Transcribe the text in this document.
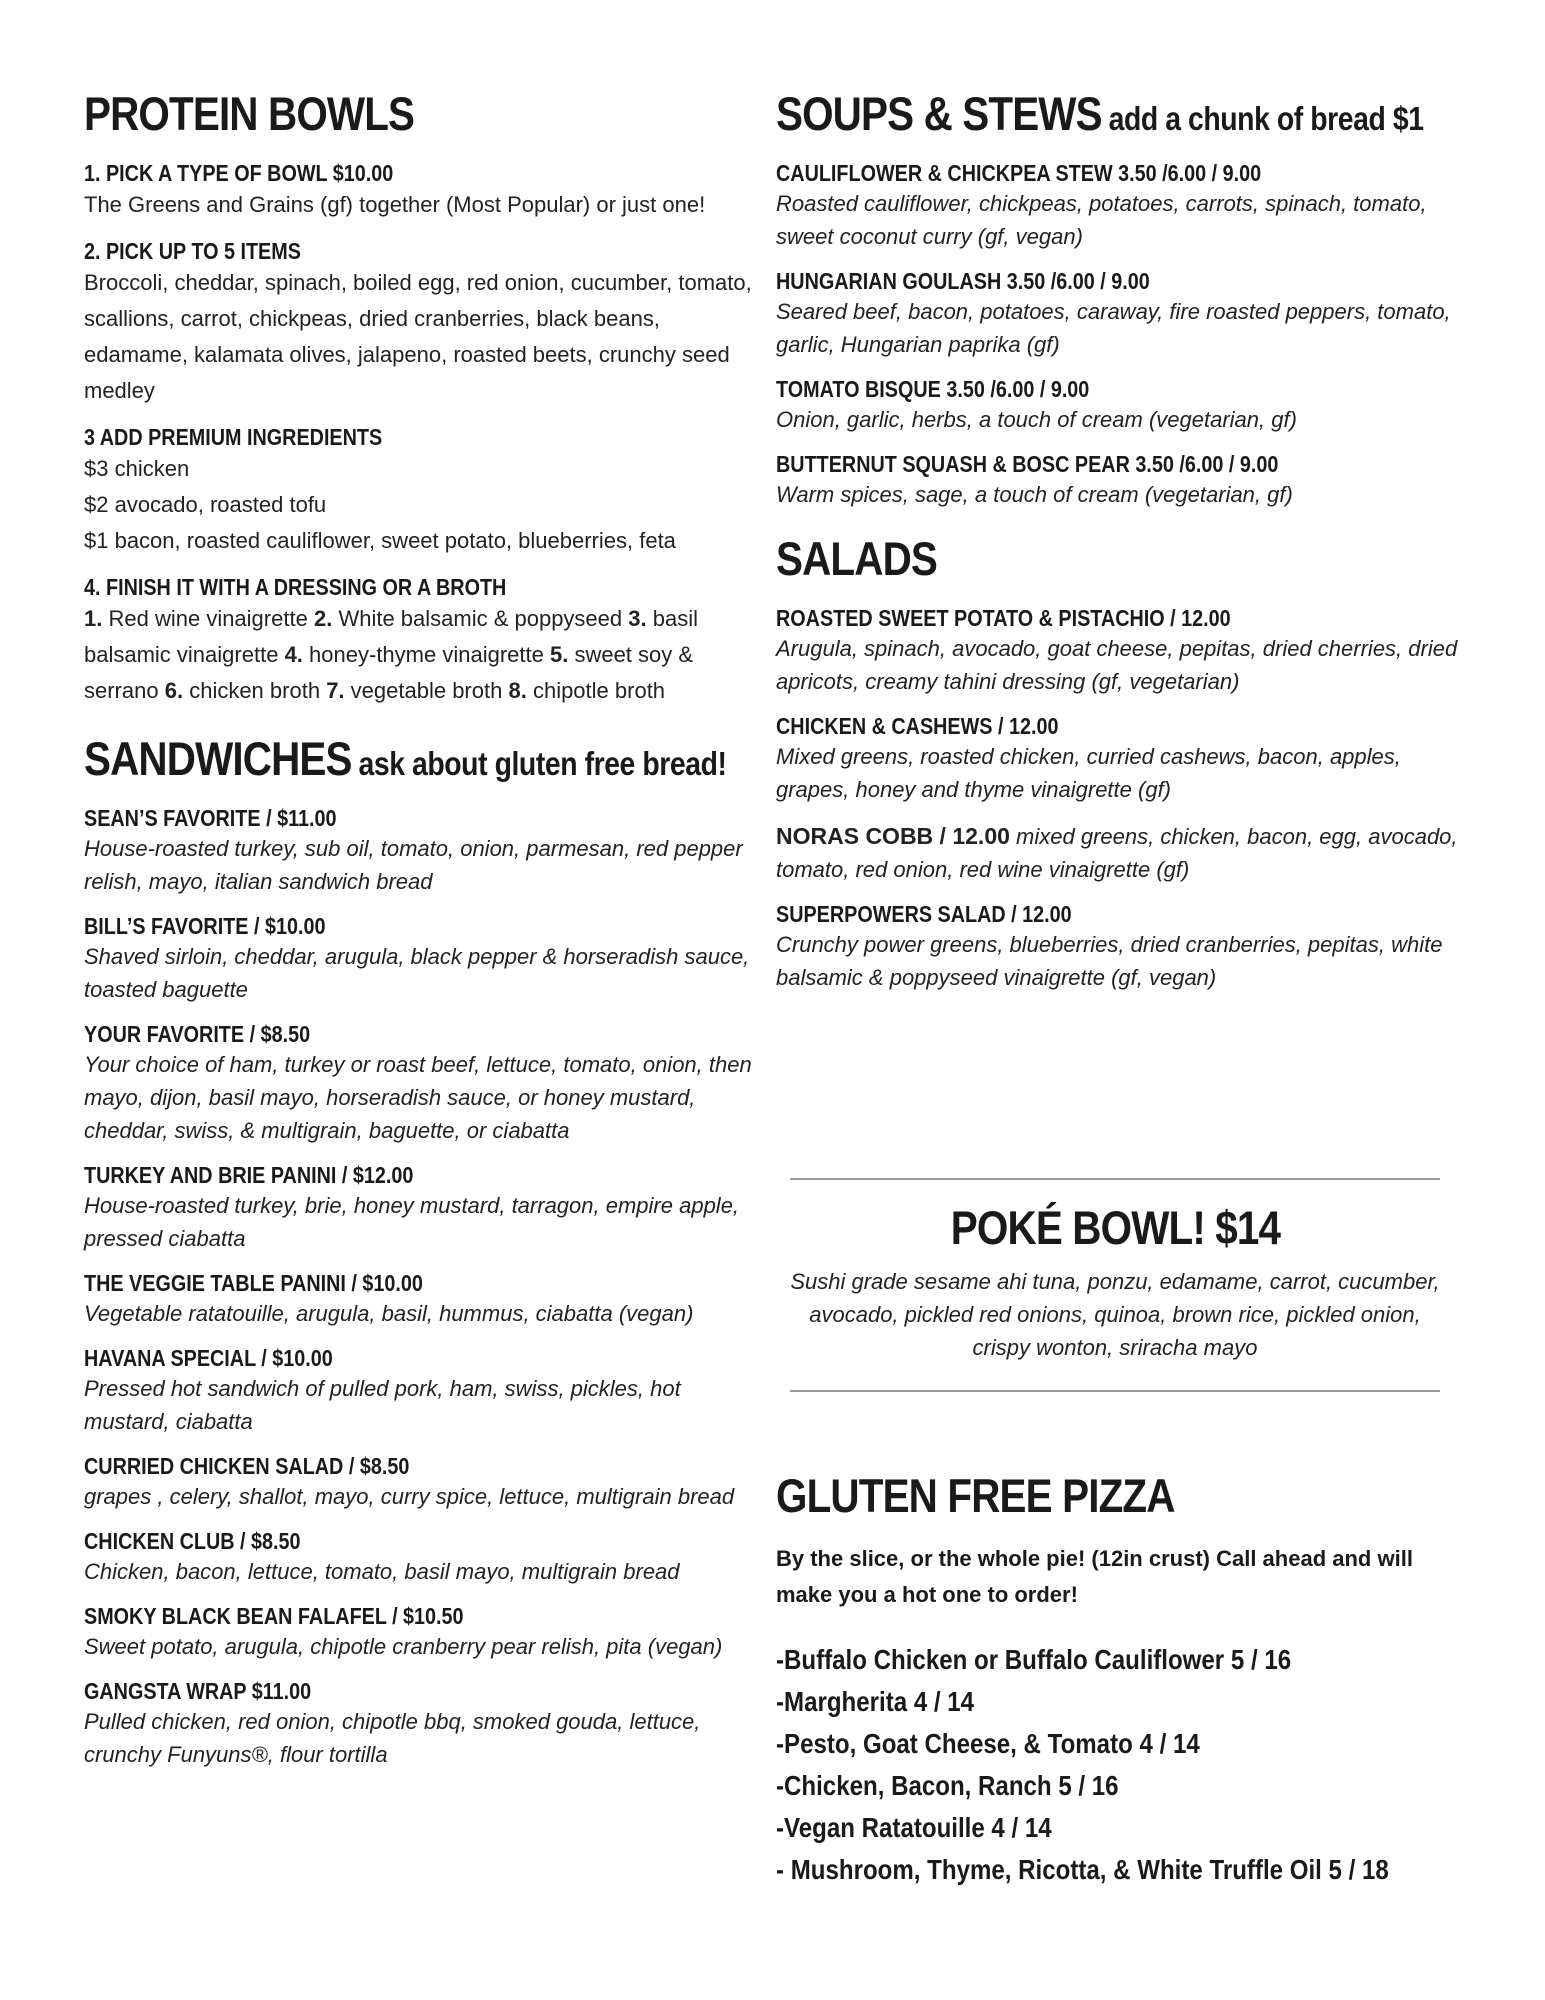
PROTEIN BOWLS
1. PICK A TYPE OF BOWL $10.00
The Greens and Grains (gf) together (Most Popular) or just one!
2. PICK UP TO 5 ITEMS
Broccoli, cheddar, spinach, boiled egg, red onion, cucumber, tomato, scallions, carrot, chickpeas, dried cranberries, black beans, edamame, kalamata olives, jalapeno, roasted beets, crunchy seed medley
3 ADD PREMIUM INGREDIENTS
$3 chicken
$2 avocado, roasted tofu
$1 bacon, roasted cauliflower, sweet potato, blueberries, feta
4. FINISH IT WITH A DRESSING OR A BROTH
1. Red wine vinaigrette 2. White balsamic & poppyseed 3. basil balsamic vinaigrette 4. honey-thyme vinaigrette 5. sweet soy & serrano 6. chicken broth 7. vegetable broth 8. chipotle broth
SANDWICHES ask about gluten free bread!
SEAN’S FAVORITE / $11.00
House-roasted turkey, sub oil, tomato, onion, parmesan, red pepper relish, mayo, italian sandwich bread
BILL’S FAVORITE / $10.00
Shaved sirloin, cheddar, arugula, black pepper & horseradish sauce, toasted baguette
YOUR FAVORITE / $8.50
Your choice of ham, turkey or roast beef, lettuce, tomato, onion, then mayo, dijon, basil mayo, horseradish sauce, or honey mustard, cheddar, swiss, & multigrain, baguette, or ciabatta
TURKEY AND BRIE PANINI / $12.00
House-roasted turkey, brie, honey mustard, tarragon, empire apple, pressed ciabatta
THE VEGGIE TABLE PANINI / $10.00
Vegetable ratatouille, arugula, basil, hummus, ciabatta (vegan)
HAVANA SPECIAL / $10.00
Pressed hot sandwich of pulled pork, ham, swiss, pickles, hot mustard, ciabatta
CURRIED CHICKEN SALAD / $8.50
grapes , celery, shallot, mayo, curry spice, lettuce, multigrain bread
CHICKEN CLUB / $8.50
Chicken, bacon, lettuce, tomato, basil mayo, multigrain bread
SMOKY BLACK BEAN FALAFEL / $10.50
Sweet potato, arugula, chipotle cranberry pear relish, pita (vegan)
GANGSTA WRAP $11.00
Pulled chicken, red onion, chipotle bbq, smoked gouda, lettuce, crunchy Funyuns®, flour tortilla
SOUPS & STEWS add a chunk of bread $1
CAULIFLOWER & CHICKPEA STEW 3.50 /6.00 / 9.00
Roasted cauliflower, chickpeas, potatoes, carrots, spinach, tomato, sweet coconut curry (gf, vegan)
HUNGARIAN GOULASH 3.50 /6.00 / 9.00
Seared beef, bacon, potatoes, caraway, fire roasted peppers, tomato, garlic, Hungarian paprika (gf)
TOMATO BISQUE 3.50 /6.00 / 9.00
Onion, garlic, herbs, a touch of cream (vegetarian, gf)
BUTTERNUT SQUASH & BOSC PEAR 3.50 /6.00 / 9.00
Warm spices, sage, a touch of cream (vegetarian, gf)
SALADS
ROASTED SWEET POTATO & PISTACHIO / 12.00
Arugula, spinach, avocado, goat cheese, pepitas, dried cherries, dried apricots, creamy tahini dressing (gf, vegetarian)
CHICKEN & CASHEWS / 12.00
Mixed greens, roasted chicken, curried cashews, bacon, apples, grapes, honey and thyme vinaigrette (gf)
NORAS COBB / 12.00 mixed greens, chicken, bacon, egg, avocado, tomato, red onion, red wine vinaigrette (gf)
SUPERPOWERS SALAD / 12.00
Crunchy power greens, blueberries, dried cranberries, pepitas, white balsamic & poppyseed vinaigrette (gf, vegan)
POKÉ BOWL! $14
Sushi grade sesame ahi tuna, ponzu, edamame, carrot, cucumber, avocado, pickled red onions, quinoa, brown rice, pickled onion, crispy wonton, sriracha mayo
GLUTEN FREE PIZZA
By the slice, or the whole pie! (12in crust) Call ahead and will make you a hot one to order!
-Buffalo Chicken or Buffalo Cauliflower 5 / 16
-Margherita 4 / 14
-Pesto, Goat Cheese, & Tomato 4 / 14
-Chicken, Bacon, Ranch 5 / 16
-Vegan Ratatouille 4 / 14
- Mushroom, Thyme, Ricotta, & White Truffle Oil 5 / 18
